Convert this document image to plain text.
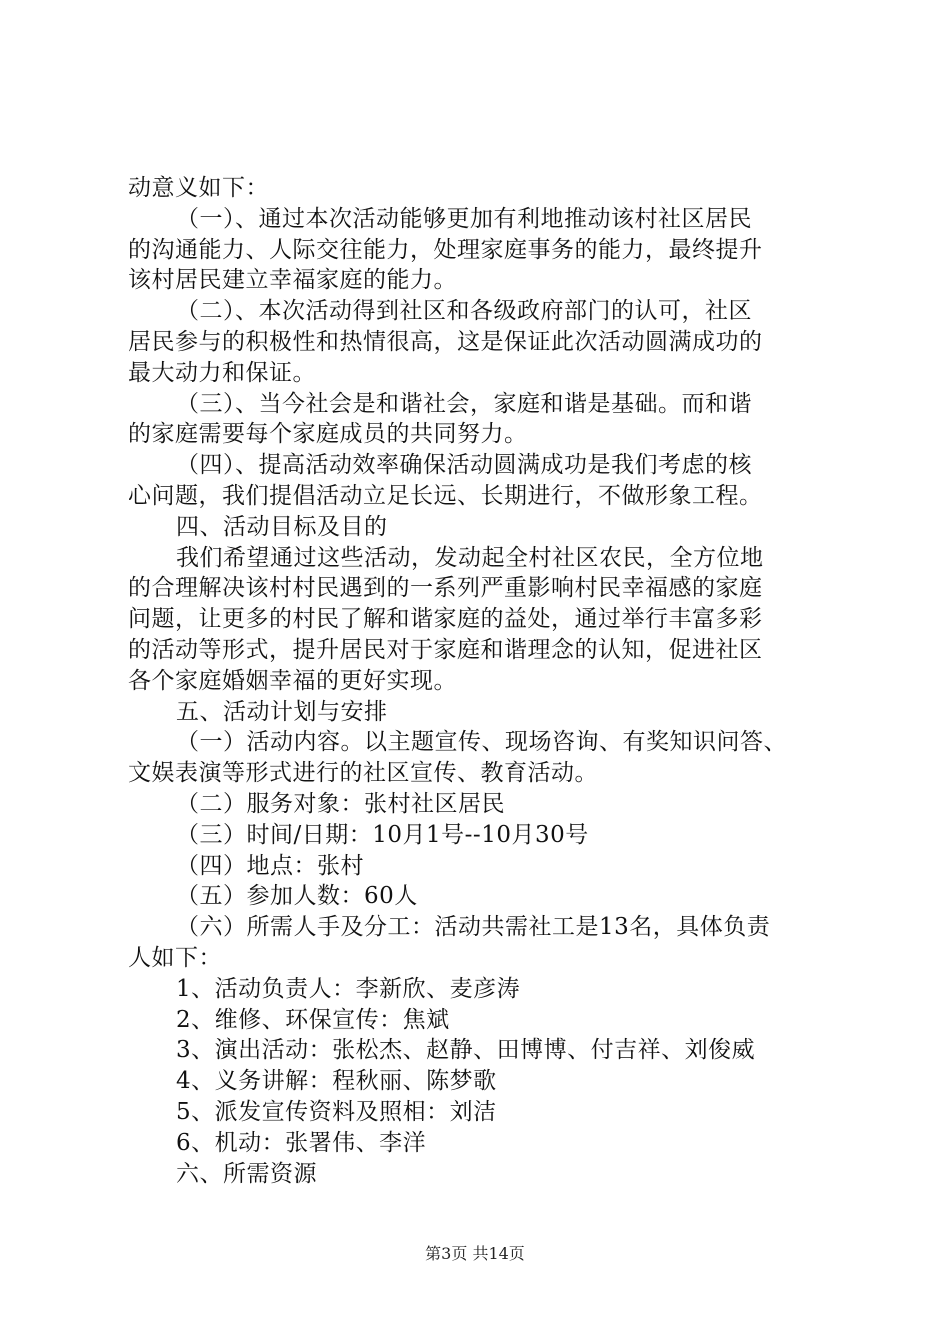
动意义如下：
（一）、通过本次活动能够更加有利地推动该村社区居民
的沟通能力、人际交往能力，处理家庭事务的能力，最终提升
该村居民建立幸福家庭的能力。
（二）、本次活动得到社区和各级政府部门的认可，社区
居民参与的积极性和热情很高，这是保证此次活动圆满成功的
最大动力和保证。
（三）、当今社会是和谐社会，家庭和谐是基础。而和谐
的家庭需要每个家庭成员的共同努力。
（四）、提高活动效率确保活动圆满成功是我们考虑的核
心问题，我们提倡活动立足长远、长期进行，不做形象工程。
四、活动目标及目的
我们希望通过这些活动，发动起全村社区农民，全方位地
的合理解决该村村民遇到的一系列严重影响村民幸福感的家庭
问题，让更多的村民了解和谐家庭的益处，通过举行丰富多彩
的活动等形式，提升居民对于家庭和谐理念的认知，促进社区
各个家庭婚姻幸福的更好实现。
五、活动计划与安排
（一）活动内容。以主题宣传、现场咨询、有奖知识问答、
文娱表演等形式进行的社区宣传、教育活动。
（二）服务对象：张村社区居民
（三）时间/日期：10月1号--10月30号
（四）地点：张村
（五）参加人数：60人
（六）所需人手及分工：活动共需社工是13名，具体负责
人如下：
1、活动负责人：李新欣、麦彦涛
2、维修、环保宣传：焦斌
3、演出活动：张松杰、赵静、田博博、付吉祥、刘俊威
4、义务讲解：程秋丽、陈梦歌
5、派发宣传资料及照相：刘洁
6、机动：张署伟、李洋
六、所需资源
第3页 共14页
